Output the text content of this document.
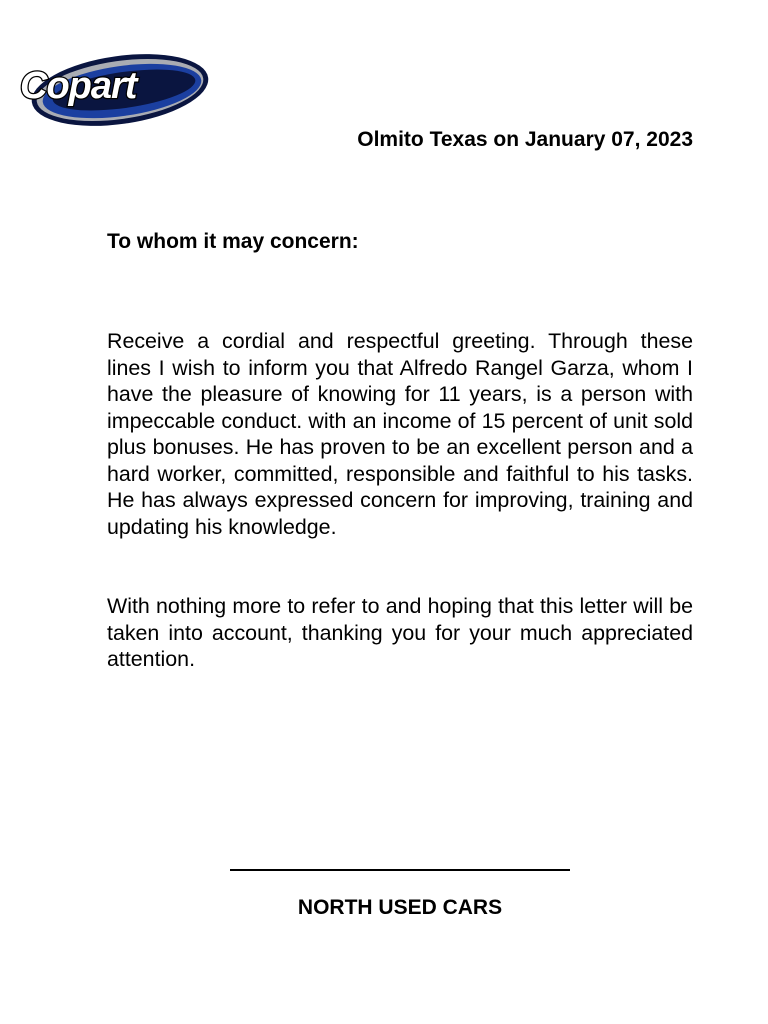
Copart
Olmito Texas on January 07, 2023
To whom it may concern:

Receive a cordial and respectful greeting. Through these lines I wish to inform you that Alfredo Rangel Garza, whom I have the pleasure of knowing for 11 years, is a person with impeccable conduct. with an income of 15 percent of unit sold plus bonuses. He has proven to be an excellent person and a hard worker, committed, responsible and faithful to his tasks. He has always expressed concern for improving, training and updating his knowledge.

With nothing more to refer to and hoping that this letter will be taken into account, thanking you for your much appreciated attention.

NORTH USED CARS
